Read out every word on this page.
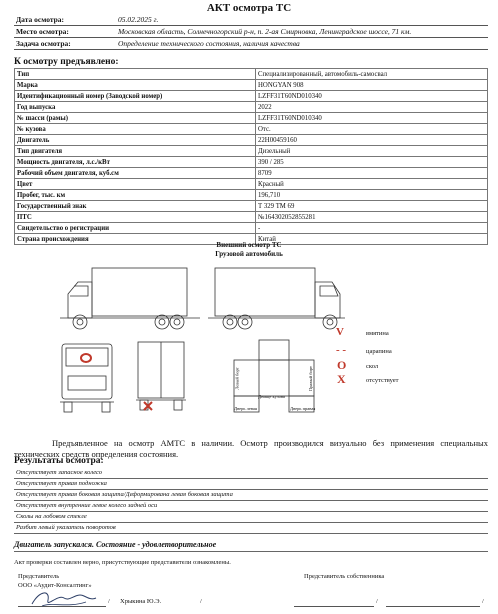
АКТ осмотра ТС
Дата осмотра:	05.02.2025 г.
Место осмотра:	Московская область, Солнечногорский р-н, п. 2-ая Смирновка, Ленинградское шоссе, 71 км.
Задача осмотра:	Определение технического состояния, наличия качества
К осмотру предъявлено:
Тип	Специализированный, автомобиль-самосвал
Марка	HONGYAN 908
Идентификационный номер (Заводской номер)	LZFF31T60ND010340
Год выпуска	2022
№ шасси (рамы)	LZFF31T60ND010340
№ кузова	Отс.
Двигатель	22H00459160
Тип двигателя	Дизельный
Мощность двигателя, л.с./кВт	390 / 285
Рабочий объем двигателя, куб.см	8709
Цвет	Красный
Пробег, тыс. км	196,710
Государственный знак	Т 329 ТМ 69
ПТС	№164302052855281
Свидетельство о регистрации	-
Страна происхождения	Китай
Внешний осмотр ТС
Грузовой автомобиль
Левый борт	Правый борт
Днище кузова
Дверь левая	Дверь правая
V	вмятина
- -	царапина
O	скол
X	отсутствует
Предъявленное на осмотр АМТС в наличии. Осмотр производился визуально без применения специальных технических средств определения состояния.
Результаты осмотра:
Отсутствует запасное колесо
Отсутствует правая подножка
Отсутствует правая боковая защита/Деформирована левая боковая защита
Отсутствует внутренние левое колесо задней оси
Сколы на лобовом стекле
Разбит левый указатель поворотов
Двигатель запускался. Состояние - удовлетворительное
Акт проверки составлен верно, присутствующие представители ознакомлены.
Представитель
ООО «Аудит-Консалтинг»
Представитель собственника
/ Хрыкина Ю.Э.	/	/	/
